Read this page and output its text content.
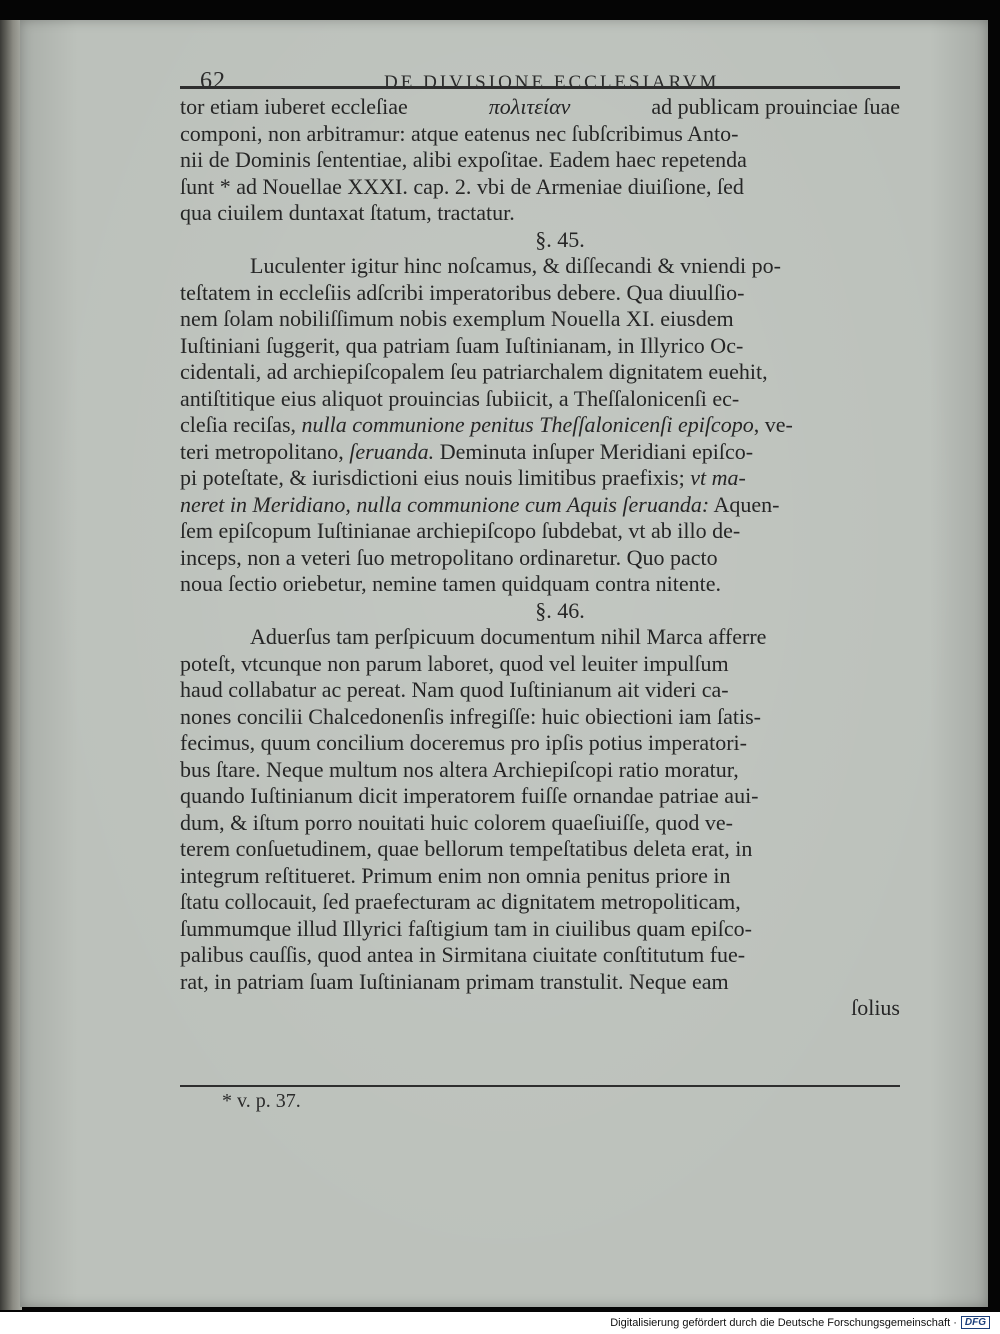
62	DE DIVISIONE ECCLESIARVM
tor etiam iuberet eccleſiae	πολιτείαν	ad publicam prouinciae ſuae
componi, non arbitramur: atque eatenus nec ſubſcribimus Anto-
nii de Dominis ſententiae, alibi expoſitae. Eadem haec repetenda
ſunt * ad Nouellae XXXI. cap. 2. vbi de Armeniae diuiſione, ſed
qua ciuilem duntaxat ſtatum, tractatur.
§. 45.
Luculenter igitur hinc noſcamus, & diſſecandi & vniendi po-
teſtatem in eccleſiis adſcribi imperatoribus debere. Qua diuulſio-
nem ſolam nobiliſſimum nobis exemplum Nouella XI. eiusdem
Iuſtiniani ſuggerit, qua patriam ſuam Iuſtinianam, in Illyrico Oc-
cidentali, ad archiepiſcopalem ſeu patriarchalem dignitatem euehit,
antiſtitique eius aliquot prouincias ſubiicit, a Theſſalonicenſi ec-
cleſia reciſas, nulla communione penitus Theſſalonicenſi epiſcopo, ve-
teri metropolitano, ſeruanda. Deminuta inſuper Meridiani epiſco-
pi poteſtate, & iurisdictioni eius nouis limitibus praefixis; vt ma-
neret in Meridiano, nulla communione cum Aquis ſeruanda: Aquen-
ſem epiſcopum Iuſtinianae archiepiſcopo ſubdebat, vt ab illo de-
inceps, non a veteri ſuo metropolitano ordinaretur. Quo pacto
noua ſectio oriebetur, nemine tamen quidquam contra nitente.
§. 46.
Aduerſus tam perſpicuum documentum nihil Marca afferre
poteſt, vtcunque non parum laboret, quod vel leuiter impulſum
haud collabatur ac pereat. Nam quod Iuſtinianum ait videri ca-
nones concilii Chalcedonenſis infregiſſe: huic obiectioni iam ſatis-
fecimus, quum concilium doceremus pro ipſis potius imperatori-
bus ſtare. Neque multum nos altera Archiepiſcopi ratio moratur,
quando Iuſtinianum dicit imperatorem fuiſſe ornandae patriae aui-
dum, & iſtum porro nouitati huic colorem quaeſiuiſſe, quod ve-
terem conſuetudinem, quae bellorum tempeſtatibus deleta erat, in
integrum reſtitueret. Primum enim non omnia penitus priore in
ſtatu collocauit, ſed praefecturam ac dignitatem metropoliticam,
ſummumque illud Illyrici faſtigium tam in ciuilibus quam epiſco-
palibus cauſſis, quod antea in Sirmitana ciuitate conſtitutum fue-
rat, in patriam ſuam Iuſtinianam primam transtulit. Neque eam
ſolius
* v. p. 37.
Digitalisierung gefördert durch die Deutsche Forschungsgemeinschaft · DFG
